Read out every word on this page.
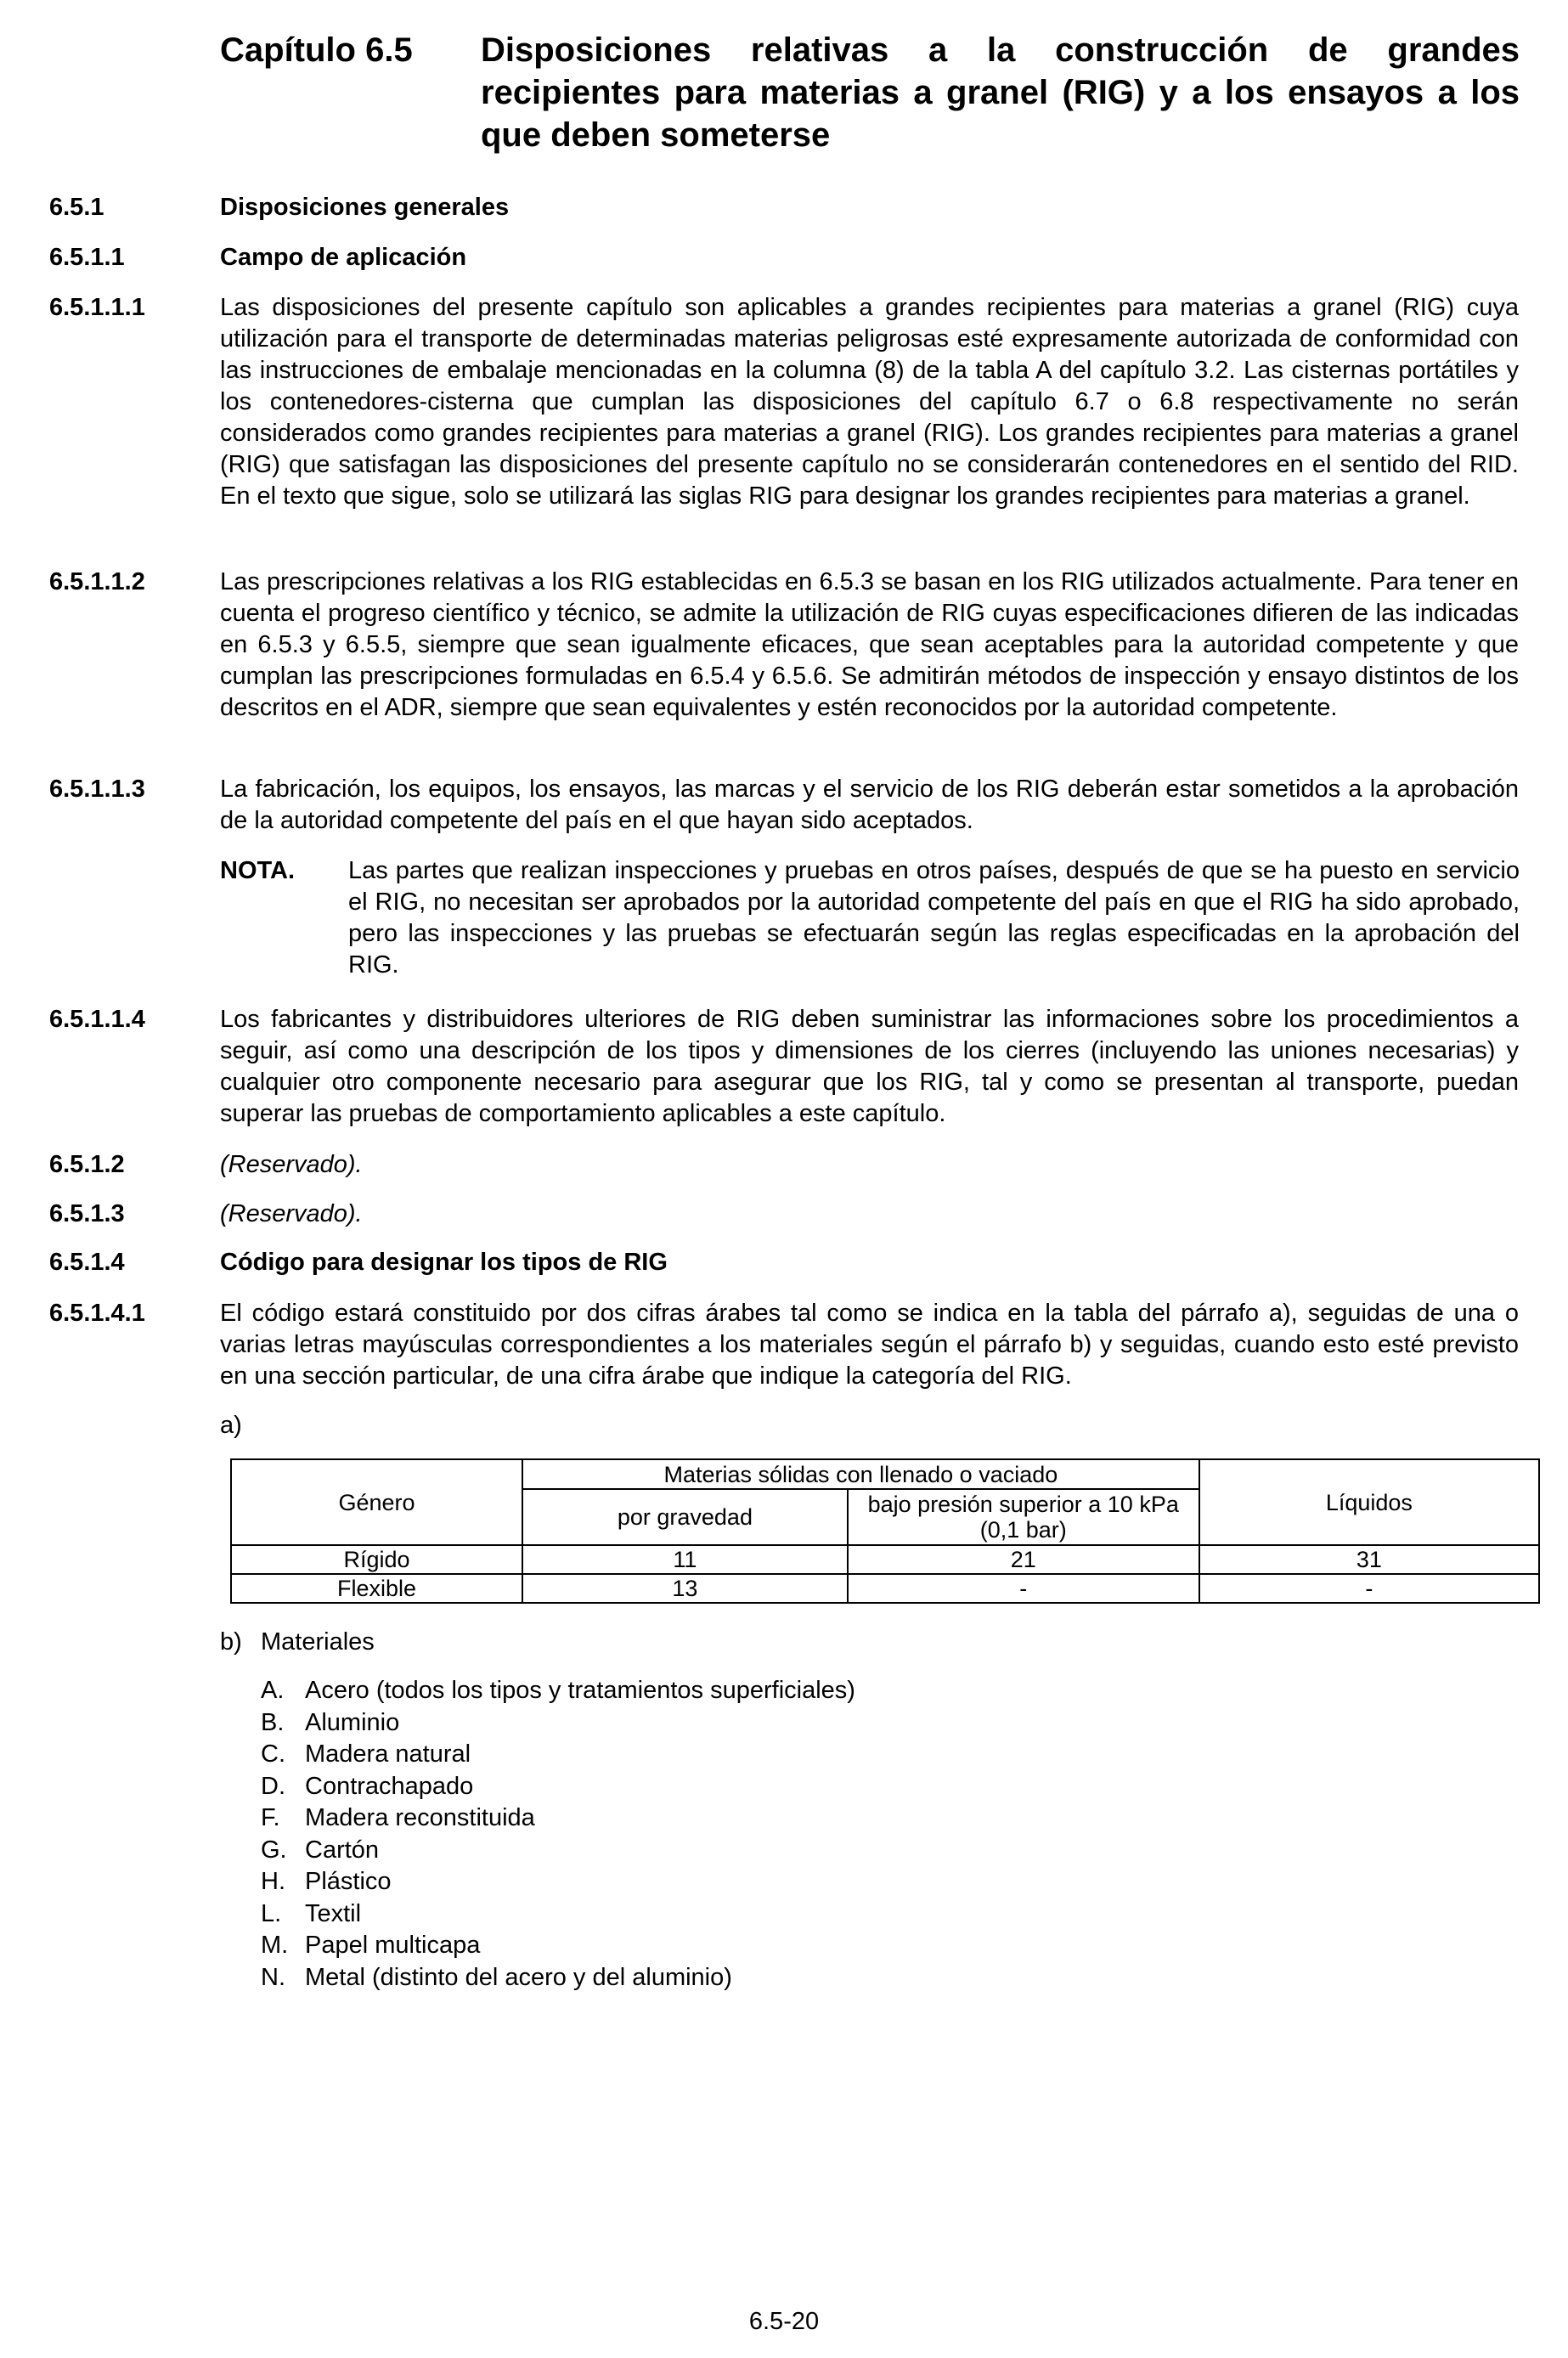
Capítulo 6.5 Disposiciones relativas a la construcción de grandes recipientes para materias a granel (RIG) y a los ensayos a los que deben someterse
6.5.1	Disposiciones generales
6.5.1.1	Campo de aplicación
6.5.1.1.1	Las disposiciones del presente capítulo son aplicables a grandes recipientes para materias a granel (RIG) cuya utilización para el transporte de determinadas materias peligrosas esté expresamente autorizada de conformidad con las instrucciones de embalaje mencionadas en la columna (8) de la tabla A del capítulo 3.2. Las cisternas portátiles y los contenedores-cisterna que cumplan las disposiciones del capítulo 6.7 o 6.8 respectivamente no serán considerados como grandes recipientes para materias a granel (RIG). Los grandes recipientes para materias a granel (RIG) que satisfagan las disposiciones del presente capítulo no se considerarán contenedores en el sentido del RID. En el texto que sigue, solo se utilizará las siglas RIG para designar los grandes recipientes para materias a granel.
6.5.1.1.2	Las prescripciones relativas a los RIG establecidas en 6.5.3 se basan en los RIG utilizados actualmente. Para tener en cuenta el progreso científico y técnico, se admite la utilización de RIG cuyas especificaciones difieren de las indicadas en 6.5.3 y 6.5.5, siempre que sean igualmente eficaces, que sean aceptables para la autoridad competente y que cumplan las prescripciones formuladas en 6.5.4 y 6.5.6. Se admitirán métodos de inspección y ensayo distintos de los descritos en el ADR, siempre que sean equivalentes y estén reconocidos por la autoridad competente.
6.5.1.1.3	La fabricación, los equipos, los ensayos, las marcas y el servicio de los RIG deberán estar sometidos a la aprobación de la autoridad competente del país en el que hayan sido aceptados.
NOTA. Las partes que realizan inspecciones y pruebas en otros países, después de que se ha puesto en servicio el RIG, no necesitan ser aprobados por la autoridad competente del país en que el RIG ha sido aprobado, pero las inspecciones y las pruebas se efectuarán según las reglas especificadas en la aprobación del RIG.
6.5.1.1.4	Los fabricantes y distribuidores ulteriores de RIG deben suministrar las informaciones sobre los procedimientos a seguir, así como una descripción de los tipos y dimensiones de los cierres (incluyendo las uniones necesarias) y cualquier otro componente necesario para asegurar que los RIG, tal y como se presentan al transporte, puedan superar las pruebas de comportamiento aplicables a este capítulo.
6.5.1.2	(Reservado).
6.5.1.3	(Reservado).
6.5.1.4	Código para designar los tipos de RIG
6.5.1.4.1	El código estará constituido por dos cifras árabes tal como se indica en la tabla del párrafo a), seguidas de una o varias letras mayúsculas correspondientes a los materiales según el párrafo b) y seguidas, cuando esto esté previsto en una sección particular, de una cifra árabe que indique la categoría del RIG.
a)
Género	Materias sólidas con llenado o vaciado		Líquidos
	por gravedad	bajo presión superior a 10 kPa (0,1 bar)	
Rígido	11	21	31
Flexible	13	-	-
b) Materiales
A. Acero (todos los tipos y tratamientos superficiales)
B. Aluminio
C. Madera natural
D. Contrachapado
F. Madera reconstituida
G. Cartón
H. Plástico
L. Textil
M. Papel multicapa
N. Metal (distinto del acero y del aluminio)
6.5-20
